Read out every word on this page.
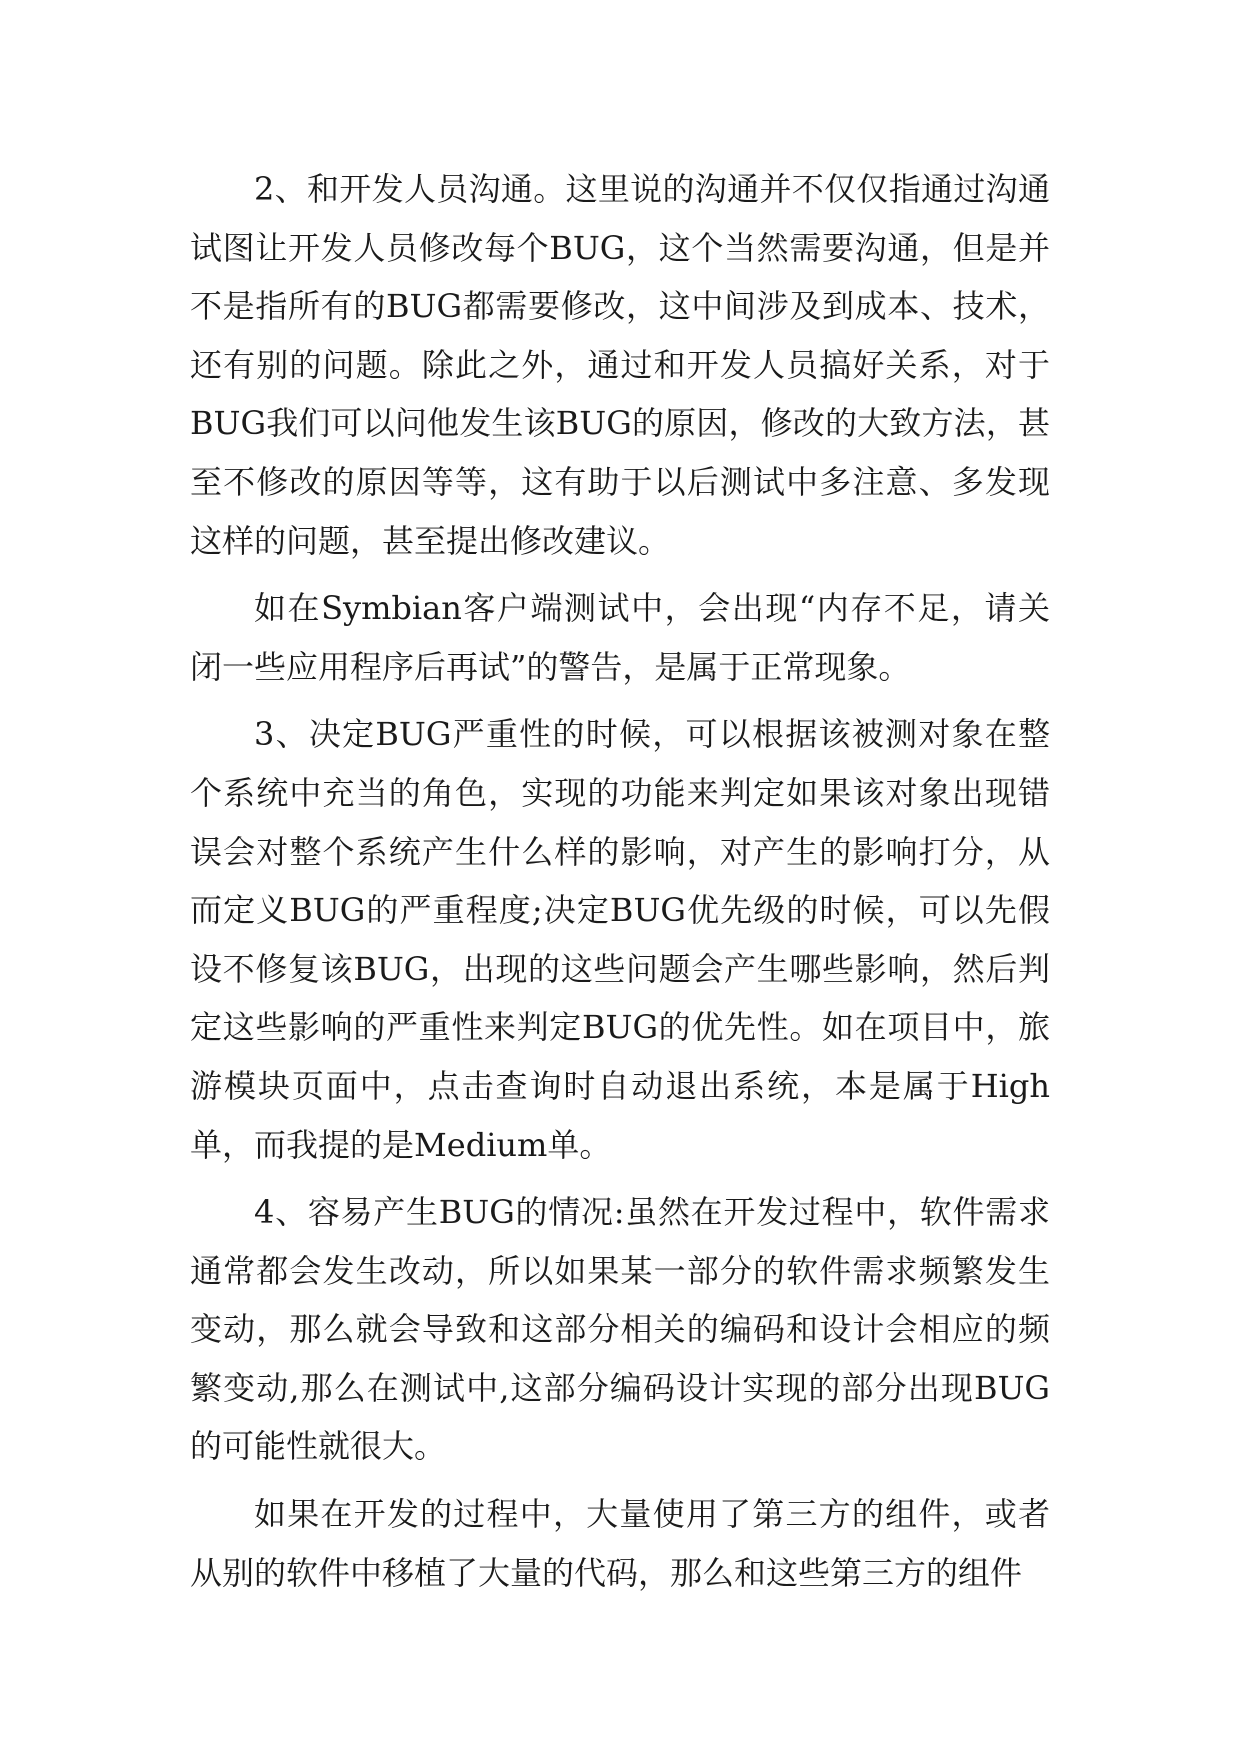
2、和开发人员沟通。这里说的沟通并不仅仅指通过沟通试图让开发人员修改每个BUG，这个当然需要沟通，但是并不是指所有的BUG都需要修改，这中间涉及到成本、技术，还有别的问题。除此之外，通过和开发人员搞好关系，对于BUG我们可以问他发生该BUG的原因，修改的大致方法，甚至不修改的原因等等，这有助于以后测试中多注意、多发现这样的问题，甚至提出修改建议。

如在Symbian客户端测试中，会出现“内存不足，请关闭一些应用程序后再试”的警告，是属于正常现象。

3、决定BUG严重性的时候，可以根据该被测对象在整个系统中充当的角色，实现的功能来判定如果该对象出现错误会对整个系统产生什么样的影响，对产生的影响打分，从而定义BUG的严重程度;决定BUG优先级的时候，可以先假设不修复该BUG，出现的这些问题会产生哪些影响，然后判定这些影响的严重性来判定BUG的优先性。如在项目中，旅游模块页面中，点击查询时自动退出系统，本是属于High单，而我提的是Medium单。

4、容易产生BUG的情况:虽然在开发过程中，软件需求通常都会发生改动，所以如果某一部分的软件需求频繁发生变动，那么就会导致和这部分相关的编码和设计会相应的频繁变动,那么在测试中,这部分编码设计实现的部分出现BUG的可能性就很大。

如果在开发的过程中，大量使用了第三方的组件，或者从别的软件中移植了大量的代码，那么和这些第三方的组件
